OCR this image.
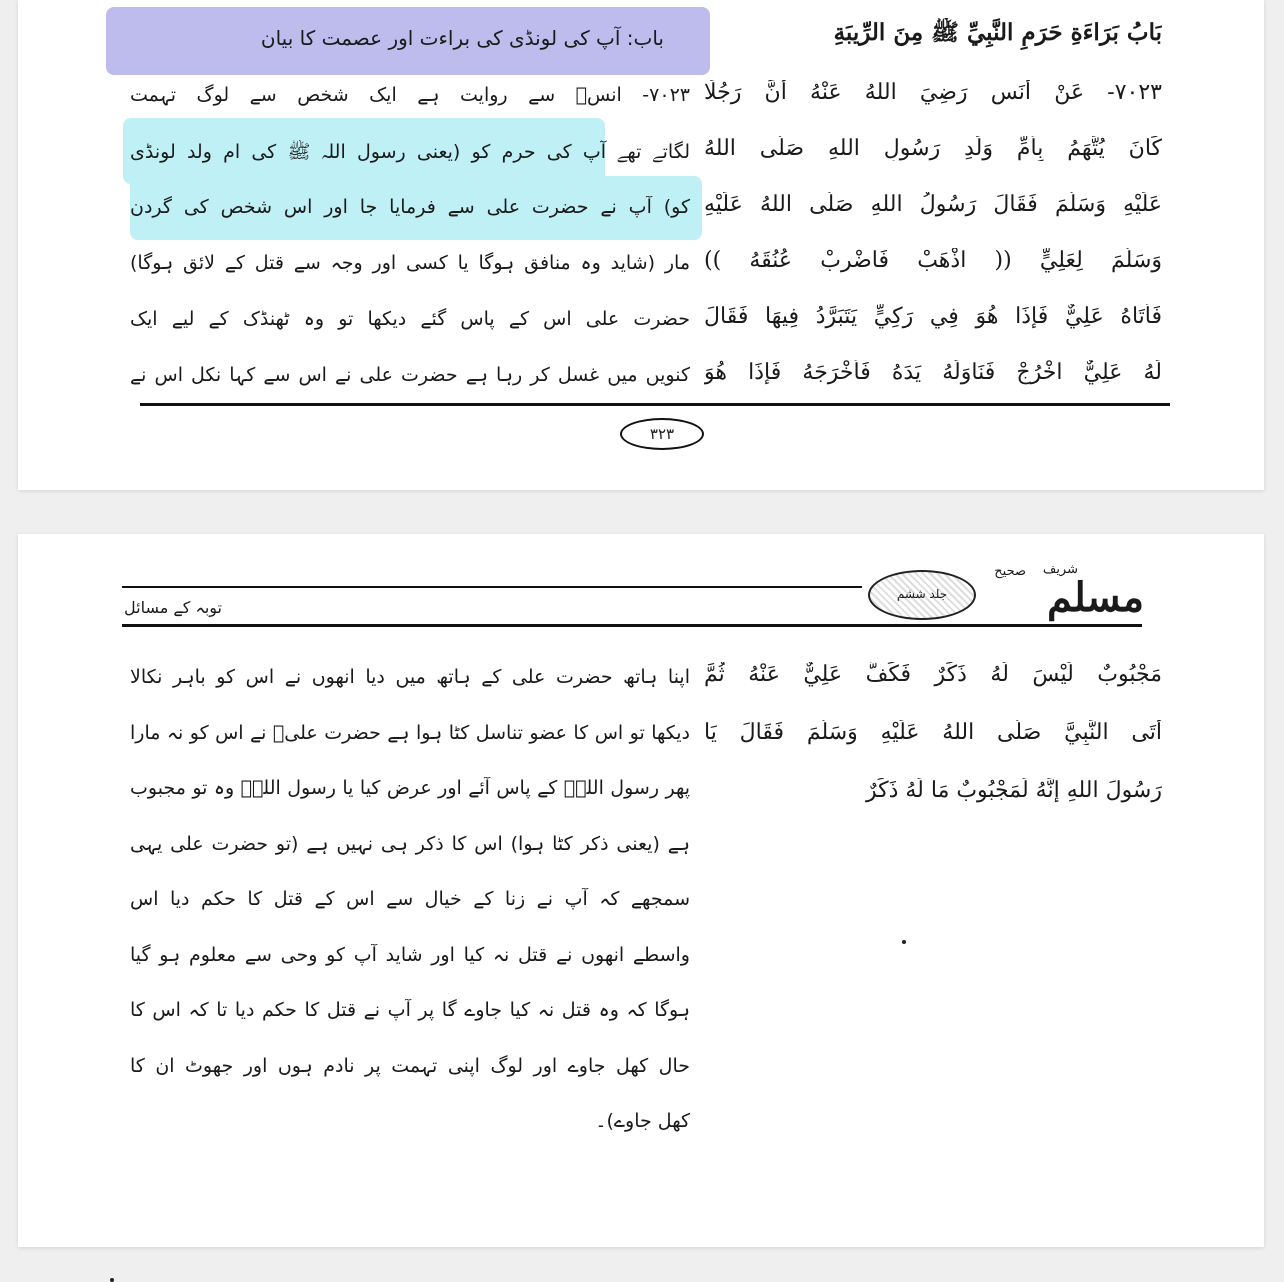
بَابُ بَرَاءَةِ حَرَمِ النَّبِيِّ ﷺ مِنَ الرِّيبَةِ
باب: آپ کی لونڈی کی براءت اور عصمت کا بیان
۷۰۲۳- عَنْ أَنَسٍ رَضِيَ اللهُ عَنْهُ أَنَّ رَجُلًا
كَانَ يُتَّهَمُ بِأُمِّ وَلَدِ رَسُولِ اللهِ صَلَّى اللهُ
عَلَيْهِ وَسَلَّمَ فَقَالَ رَسُولُ اللهِ صَلَّى اللهُ عَلَيْهِ
وَسَلَّمَ لِعَلِيٍّ (( اذْهَبْ فَاضْرِبْ عُنُقَهُ ))
فَأَتَاهُ عَلِيٌّ فَإِذَا هُوَ فِي رَكِيٍّ يَتَبَرَّدُ فِيهَا فَقَالَ
لَهُ عَلِيٌّ اخْرُجْ فَنَاوَلَهُ يَدَهُ فَأَخْرَجَهُ فَإِذَا هُوَ
۷۰۲۳- انسؓ سے روایت ہے ایک شخص سے لوگ تہمت
لگاتے تھے آپ کی حرم کو (یعنی رسول اللہ ﷺ کی ام ولد لونڈی
کو) آپ نے حضرت علی سے فرمایا جا اور اس شخص کی گردن
مار (شاید وہ منافق ہوگا یا کسی اور وجہ سے قتل کے لائق ہوگا)
حضرت علی اس کے پاس گئے دیکھا تو وہ ٹھنڈک کے لیے ایک
کنویں میں غسل کر رہا ہے حضرت علی نے اس سے کہا نکل اس نے
۳۲۳
صحیح
مسلم
شریف
جلد ششم
توبہ کے مسائل
مَجْبُوبٌ لَيْسَ لَهُ ذَكَرٌ فَكَفَّ عَلِيٌّ عَنْهُ ثُمَّ
أَتَى النَّبِيَّ صَلَّى اللهُ عَلَيْهِ وَسَلَّمَ فَقَالَ يَا
رَسُولَ اللهِ إِنَّهُ لَمَجْبُوبٌ مَا لَهُ ذَكَرٌ
اپنا ہاتھ حضرت علی کے ہاتھ میں دیا انھوں نے اس کو باہر نکالا
دیکھا تو اس کا عضو تناسل کٹا ہوا ہے حضرت علیؓ نے اس کو نہ مارا
پھر رسول اللہؐ کے پاس آئے اور عرض کیا یا رسول اللہؐ وہ تو مجبوب
ہے (یعنی ذکر کٹا ہوا) اس کا ذکر ہی نہیں ہے (تو حضرت علی یہی
سمجھے کہ آپ نے زنا کے خیال سے اس کے قتل کا حکم دیا اس
واسطے انھوں نے قتل نہ کیا اور شاید آپ کو وحی سے معلوم ہو گیا
ہوگا کہ وہ قتل نہ کیا جاوے گا پر آپ نے قتل کا حکم دیا تا کہ اس کا
حال کھل جاوے اور لوگ اپنی تہمت پر نادم ہوں اور جھوٹ ان کا
کھل جاوے)۔
